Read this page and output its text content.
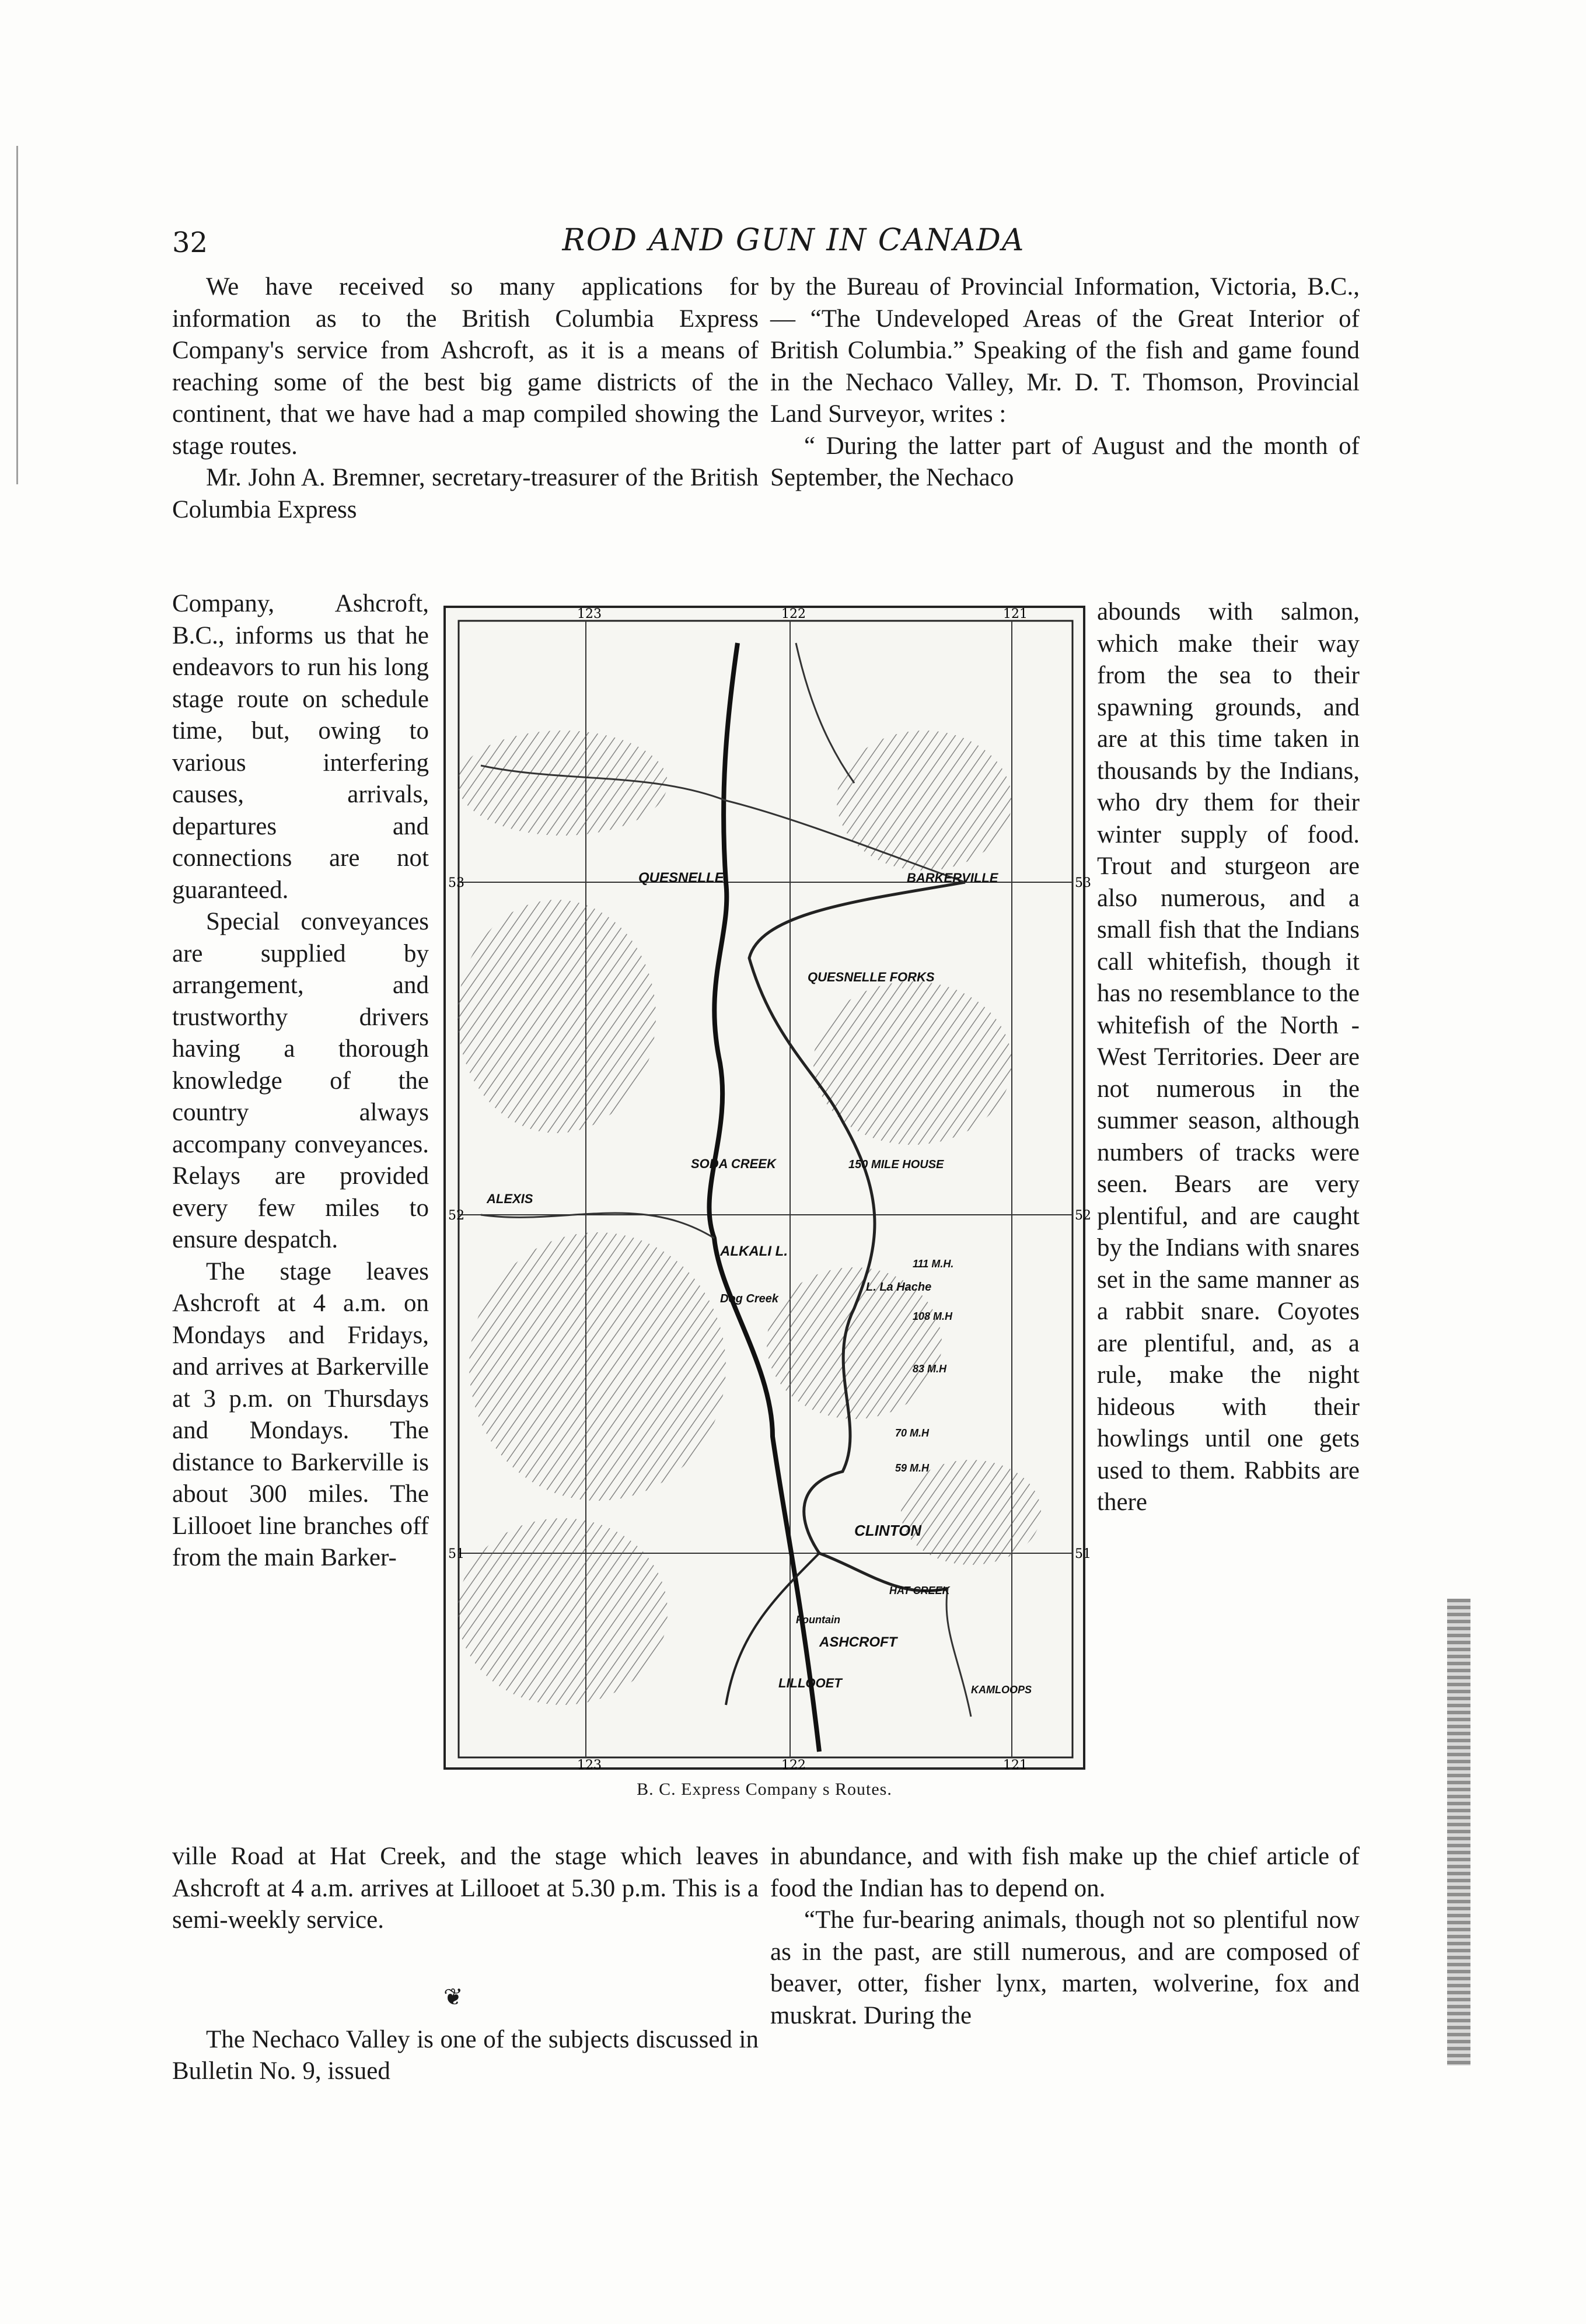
32	ROD AND GUN IN CANADA

We have received so many applications for information as to the British Columbia Express Company's service from Ashcroft, as it is a means of reaching some of the best big game districts of the continent, that we have had a map compiled showing the stage routes.

Mr. John A. Bremner, secretary-treasurer of the British Columbia Express

Company, Ashcroft, B.C., informs us that he endeavors to run his long stage route on schedule time, but, owing to various interfering causes, arrivals, departures and connections are not guaranteed.

Special conveyances are supplied by arrangement, and trustworthy drivers having a thorough knowledge of the country always accompany conveyances. Relays are provided every few miles to ensure despatch.

The stage leaves Ashcroft at 4 a.m. on Mondays and Fridays, and arrives at Barkerville at 3 p.m. on Thursdays and Mondays. The distance to Barkerville is about 300 miles. The Lillooet line branches off from the main Barker-

ville Road at Hat Creek, and the stage which leaves Ashcroft at 4 a.m. arrives at Lillooet at 5.30 p.m. This is a semi-weekly service.

The Nechaco Valley is one of the subjects discussed in Bulletin No. 9, issued

❦

by the Bureau of Provincial Information, Victoria, B.C., — “The Undeveloped Areas of the Great Interior of British Columbia.” Speaking of the fish and game found in the Nechaco Valley, Mr. D. T. Thomson, Provincial Land Surveyor, writes :

“ During the latter part of August and the month of September, the Nechaco

abounds with salmon, which make their way from the sea to their spawning grounds, and are at this time taken in thousands by the Indians, who dry them for their winter supply of food. Trout and sturgeon are also numerous, and a small fish that the Indians call whitefish, though it has no resemblance to the whitefish of the North - West Territories. Deer are not numerous in the summer season, although numbers of tracks were seen. Bears are very plentiful, and are caught by the Indians with snares set in the same manner as a rabbit snare. Coyotes are plentiful, and, as a rule, make the night hideous with their howlings until one gets used to them. Rabbits are there

in abundance, and with fish make up the chief article of food the Indian has to depend on.

“The fur-bearing animals, though not so plentiful now as in the past, are still numerous, and are composed of beaver, otter, fisher lynx, marten, wolverine, fox and muskrat. During the

53	53
52	52
51	51
123	122	121
123	122	121
QUESNELLE	BARKERVILLE
QUESNELLE FORKS
SODA CREEK	150 MILE HOUSE
ALEXIS
ALKALI L.
Dog Creek
L. La Hache
111 M.H.
108 M.H
83 M.H
70 M.H
59 M.H
CLINTON
HAT CREEK
ASHCROFT
Fountain
LILLOOET	KAMLOOPS
B. C. Express Company s Routes.
